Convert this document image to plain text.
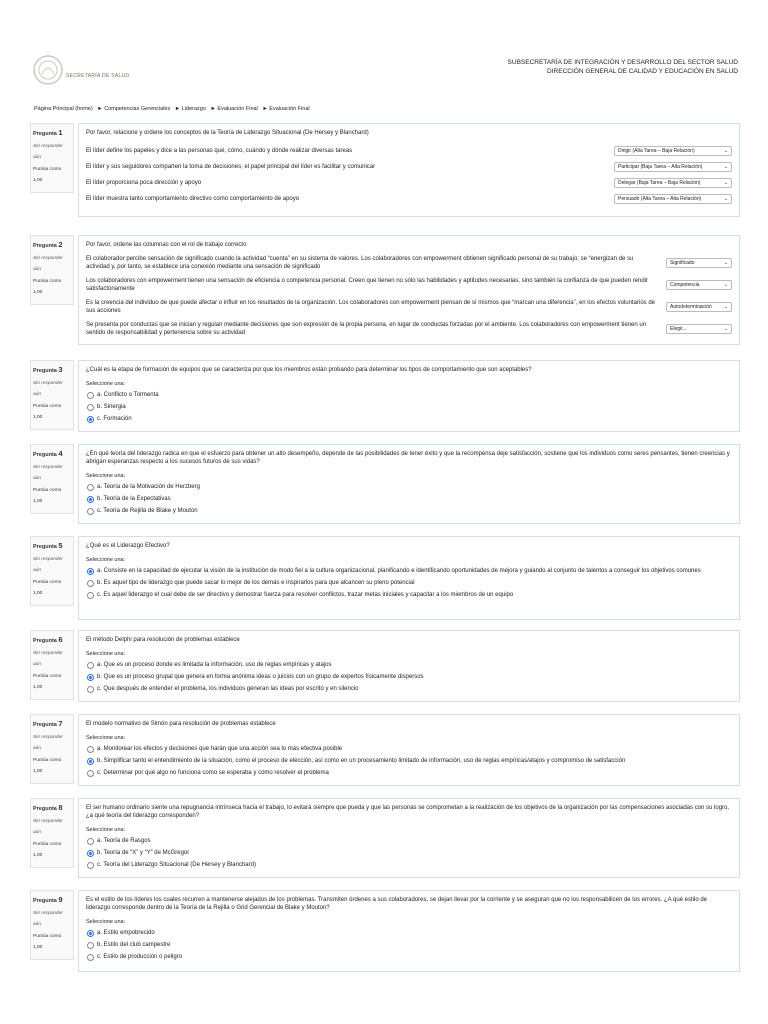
SECRETARÍA DE SALUD
SUBSECRETARÍA DE INTEGRACIÓN Y DESARROLLO DEL SECTOR SALUD
DIRECCIÓN GENERAL DE CALIDAD Y EDUCACIÓN EN SALUD
Página Principal (home) ► Competencias Gerenciales ► Liderazgo ► Evaluación Final ► Evaluación Final
Pregunta 1
Sin responder aún
Puntúa como 1,00
Por favor, relacione y ordene los conceptos de la Teoría de Liderazgo Situacional (De Hersey y Blanchard)
El líder define los papeles y dice a las personas qué, cómo, cuándo y dónde realizar diversas tareas	Dirigir (Alta Tarea – Baja Relación)	⌄
El líder y sus seguidores comparten la toma de decisiones; el papel principal del líder es facilitar y comunicar	Participar (Baja Tarea – Alta Relación)	⌄
El líder proporciona poca dirección y apoyo	Delegar (Baja Tarea – Baja Relación)	⌄
El líder muestra tanto comportamiento directivo como comportamiento de apoyo	Persuadir (Alta Tarea – Alta Relación)	⌄
Pregunta 2
Sin responder aún
Puntúa como 1,00
Por favor, ordene las columnas con el rol de trabajo correcto
El colaborador percibe sensación de significado cuando la actividad “cuenta” en su sistema de valores. Los colaboradores con empowerment obtienen significado personal de su trabajo; se “energizan de su actividad y, por tanto, se establece una conexión mediante una sensación de significado
Significado	⌄
Los colaboradores con empowerment tienen una sensación de eficiencia o competencia personal. Creen que tienen no sólo las habilidades y aptitudes necesarias, sino también la confianza de que pueden rendir satisfactoriamente
Competencia	⌄
Es la creencia del individuo de que puede afectar o influir en los resultados de la organización. Los colaboradores con empowerment piensan de sí mismos que “marcan una diferencia”, en los efectos voluntarios de sus acciones
Autodeterminación ⌄
Se presenta por conductas que se inician y regulan mediante decisiones que son expresión de la propia persona, en lugar de conductas forzadas por el ambiente. Los colaboradores con empowerment tienen un sentido de responsabilidad y pertenencia sobre su actividad
Elegir...	⌄
Pregunta 3
Sin responder aún
Puntúa como 1,00
¿Cuál es la etapa de formación de equipos que se caracteriza por que los miembros están probando para determinar los tipos de comportamiento que son aceptables?
Seleccione una:
a. Conflicto o Tormenta
b. Sinergia
c. Formación
Pregunta 4
Sin responder aún
Puntúa como 1,00
¿En qué teoría del liderazgo radica en que el esfuerzo para obtener un alto desempeño, depende de las posibilidades de tener éxito y que la recompensa deje satisfacción, sostiene que los individuos como seres pensantes, tienen creencias y abrigan esperanzas respecto a los sucesos futuros de sus vidas?
Seleccione una:
a. Teoría de la Motivación de Herzberg
b. Teoría de la Expectativas
c. Teoría de Rejilla de Blake y Mouton
Pregunta 5
Sin responder aún
Puntúa como 1,00
¿Qué es el Liderazgo Efectivo?
Seleccione una:
a. Consiste en la capacidad de ejecutar la visión de la institución de modo fiel a la cultura organizacional, planificando e identificando oportunidades de mejora y guiando al conjunto de talentos a conseguir los objetivos comunes
b. Es aquel tipo de liderazgo que puede sacar lo mejor de los demás e inspirarlos para que alcancen su pleno potencial
c. Es aquel liderazgo el cual debe de ser directivo y demostrar fuerza para resolver conflictos, trazar metas iniciales y capacitar a los miembros de un equipo
Pregunta 6
Sin responder aún
Puntúa como 1,00
El método Delphi para resolución de problemas establece
Seleccione una:
a. Que es un proceso donde es limitada la información, uso de reglas empíricas y atajos
b. Que es un proceso grupal que genera en forma anónima ideas o juicios con un grupo de expertos físicamente dispersos
c. Que después de entender el problema, los individuos generan las ideas por escrito y en silencio
Pregunta 7
Sin responder aún
Puntúa como 1,00
El modelo normativo de Simón para resolución de problemas establece
Seleccione una:
a. Monitorear los efectos y decisiones que harán que una acción sea lo más efectiva posible
b. Simplificar tanto el entendimiento de la situación, como el proceso de elección, así como en un procesamiento limitado de información, uso de reglas empíricas/atajos y compromiso de satisfacción
c. Determinar por qué algo no funciona como se esperaba y cómo resolver el problema
Pregunta 8
Sin responder aún
Puntúa como 1,00
El ser humano ordinario siente una repugnancia intrínseca hacia el trabajo, lo evitará siempre que pueda y que las personas se comprometan a la realización de los objetivos de la organización por las compensaciones asociadas con su logro, ¿a qué teoría del liderazgo corresponden?
Seleccione una:
a. Teoría de Rasgos
b. Teoría de “X” y “Y” de McGregor
c. Teoría del Liderazgo Situacional (De Hersey y Blanchard)
Pregunta 9
Sin responder aún
Puntúa como 1,00
Es el estilo de los líderes los cuales recurren a mantenerse alejados de los problemas. Transmiten órdenes a sus colaboradores, se dejan llevar por la corriente y se aseguran que no los responsabilicen de los errores. ¿A qué estilo de liderazgo corresponde dentro de la Teoría de la Rejilla o Grid Gerencial de Blake y Mouton?
Seleccione una:
a. Estilo empobrecido
b. Estilo del club campestre
c. Estilo de producción o peligro
